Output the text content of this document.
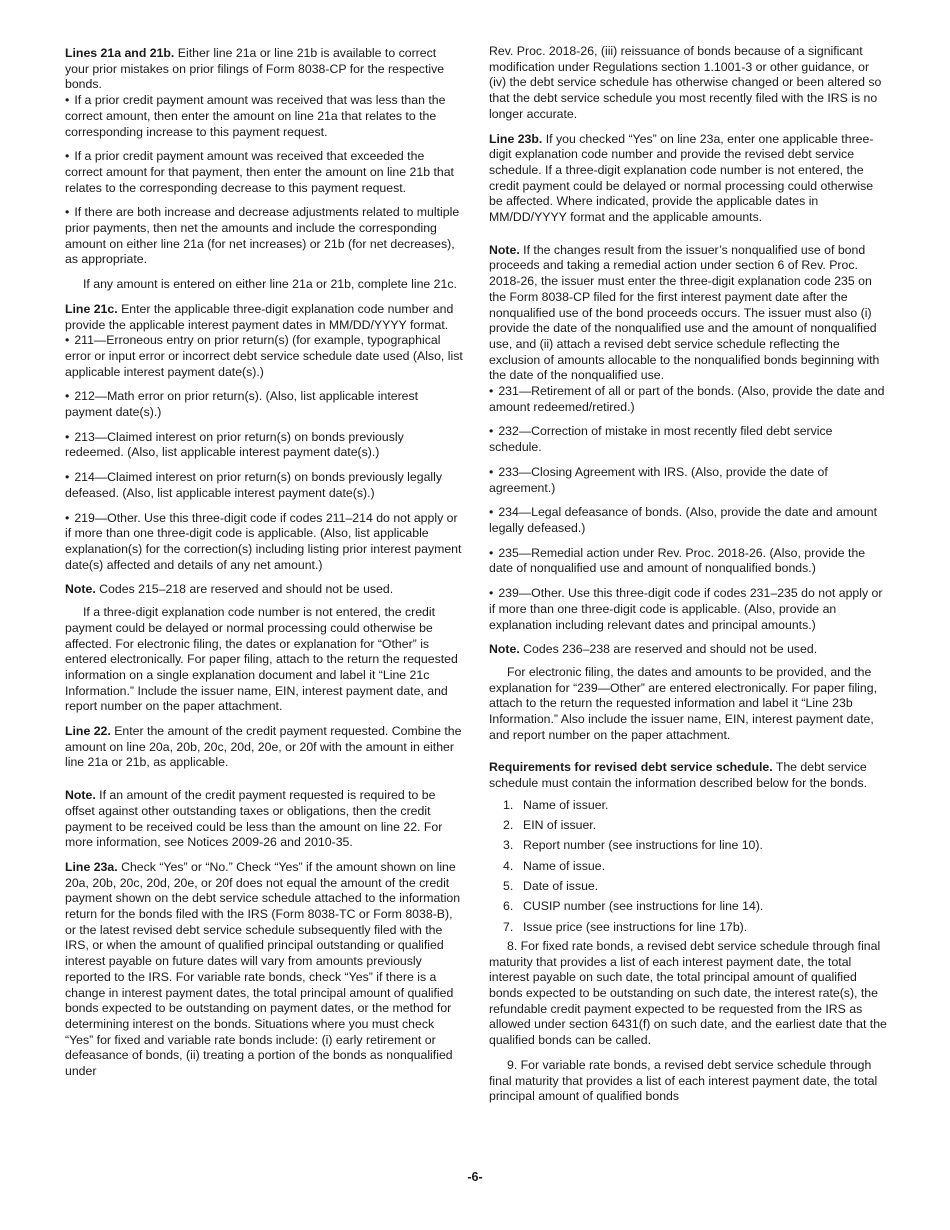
Lines 21a and 21b. Either line 21a or line 21b is available to correct your prior mistakes on prior filings of Form 8038-CP for the respective bonds.

• If a prior credit payment amount was received that was less than the correct amount, then enter the amount on line 21a that relates to the corresponding increase to this payment request.

• If a prior credit payment amount was received that exceeded the correct amount for that payment, then enter the amount on line 21b that relates to the corresponding decrease to this payment request.

• If there are both increase and decrease adjustments related to multiple prior payments, then net the amounts and include the corresponding amount on either line 21a (for net increases) or 21b (for net decreases), as appropriate.

If any amount is entered on either line 21a or 21b, complete line 21c.

Line 21c. Enter the applicable three-digit explanation code number and provide the applicable interest payment dates in MM/DD/YYYY format.

• 211—Erroneous entry on prior return(s) (for example, typographical error or input error or incorrect debt service schedule date used (Also, list applicable interest payment date(s).)

• 212—Math error on prior return(s). (Also, list applicable interest payment date(s).)

• 213—Claimed interest on prior return(s) on bonds previously redeemed. (Also, list applicable interest payment date(s).)

• 214—Claimed interest on prior return(s) on bonds previously legally defeased. (Also, list applicable interest payment date(s).)

• 219—Other. Use this three-digit code if codes 211–214 do not apply or if more than one three-digit code is applicable. (Also, list applicable explanation(s) for the correction(s) including listing prior interest payment date(s) affected and details of any net amount.)

Note. Codes 215–218 are reserved and should not be used.

If a three-digit explanation code number is not entered, the credit payment could be delayed or normal processing could otherwise be affected. For electronic filing, the dates or explanation for “Other” is entered electronically. For paper filing, attach to the return the requested information on a single explanation document and label it “Line 21c Information.” Include the issuer name, EIN, interest payment date, and report number on the paper attachment.

Line 22. Enter the amount of the credit payment requested. Combine the amount on line 20a, 20b, 20c, 20d, 20e, or 20f with the amount in either line 21a or 21b, as applicable.

Note. If an amount of the credit payment requested is required to be offset against other outstanding taxes or obligations, then the credit payment to be received could be less than the amount on line 22. For more information, see Notices 2009-26 and 2010-35.

Line 23a. Check “Yes” or “No.” Check “Yes” if the amount shown on line 20a, 20b, 20c, 20d, 20e, or 20f does not equal the amount of the credit payment shown on the debt service schedule attached to the information return for the bonds filed with the IRS (Form 8038-TC or Form 8038-B), or the latest revised debt service schedule subsequently filed with the IRS, or when the amount of qualified principal outstanding or qualified interest payable on future dates will vary from amounts previously reported to the IRS. For variable rate bonds, check “Yes” if there is a change in interest payment dates, the total principal amount of qualified bonds expected to be outstanding on payment dates, or the method for determining interest on the bonds. Situations where you must check “Yes” for fixed and variable rate bonds include: (i) early retirement or defeasance of bonds, (ii) treating a portion of the bonds as nonqualified under

Rev. Proc. 2018-26, (iii) reissuance of bonds because of a significant modification under Regulations section 1.1001-3 or other guidance, or (iv) the debt service schedule has otherwise changed or been altered so that the debt service schedule you most recently filed with the IRS is no longer accurate.

Line 23b. If you checked “Yes” on line 23a, enter one applicable three-digit explanation code number and provide the revised debt service schedule. If a three-digit explanation code number is not entered, the credit payment could be delayed or normal processing could otherwise be affected. Where indicated, provide the applicable dates in MM/DD/YYYY format and the applicable amounts.

Note. If the changes result from the issuer’s nonqualified use of bond proceeds and taking a remedial action under section 6 of Rev. Proc. 2018-26, the issuer must enter the three-digit explanation code 235 on the Form 8038-CP filed for the first interest payment date after the nonqualified use of the bond proceeds occurs. The issuer must also (i) provide the date of the nonqualified use and the amount of nonqualified use, and (ii) attach a revised debt service schedule reflecting the exclusion of amounts allocable to the nonqualified bonds beginning with the date of the nonqualified use.

• 231—Retirement of all or part of the bonds. (Also, provide the date and amount redeemed/retired.)

• 232—Correction of mistake in most recently filed debt service schedule.

• 233—Closing Agreement with IRS. (Also, provide the date of agreement.)

• 234—Legal defeasance of bonds. (Also, provide the date and amount legally defeased.)

• 235—Remedial action under Rev. Proc. 2018-26. (Also, provide the date of nonqualified use and amount of nonqualified bonds.)

• 239—Other. Use this three-digit code if codes 231–235 do not apply or if more than one three-digit code is applicable. (Also, provide an explanation including relevant dates and principal amounts.)

Note. Codes 236–238 are reserved and should not be used.

For electronic filing, the dates and amounts to be provided, and the explanation for “239—Other” are entered electronically. For paper filing, attach to the return the requested information and label it “Line 23b Information.” Also include the issuer name, EIN, interest payment date, and report number on the paper attachment.

Requirements for revised debt service schedule. The debt service schedule must contain the information described below for the bonds.

1. Name of issuer.
2. EIN of issuer.
3. Report number (see instructions for line 10).
4. Name of issue.
5. Date of issue.
6. CUSIP number (see instructions for line 14).
7. Issue price (see instructions for line 17b).

8. For fixed rate bonds, a revised debt service schedule through final maturity that provides a list of each interest payment date, the total interest payable on such date, the total principal amount of qualified bonds expected to be outstanding on such date, the interest rate(s), the refundable credit payment expected to be requested from the IRS as allowed under section 6431(f) on such date, and the earliest date that the qualified bonds can be called.

9. For variable rate bonds, a revised debt service schedule through final maturity that provides a list of each interest payment date, the total principal amount of qualified bonds

-6-
